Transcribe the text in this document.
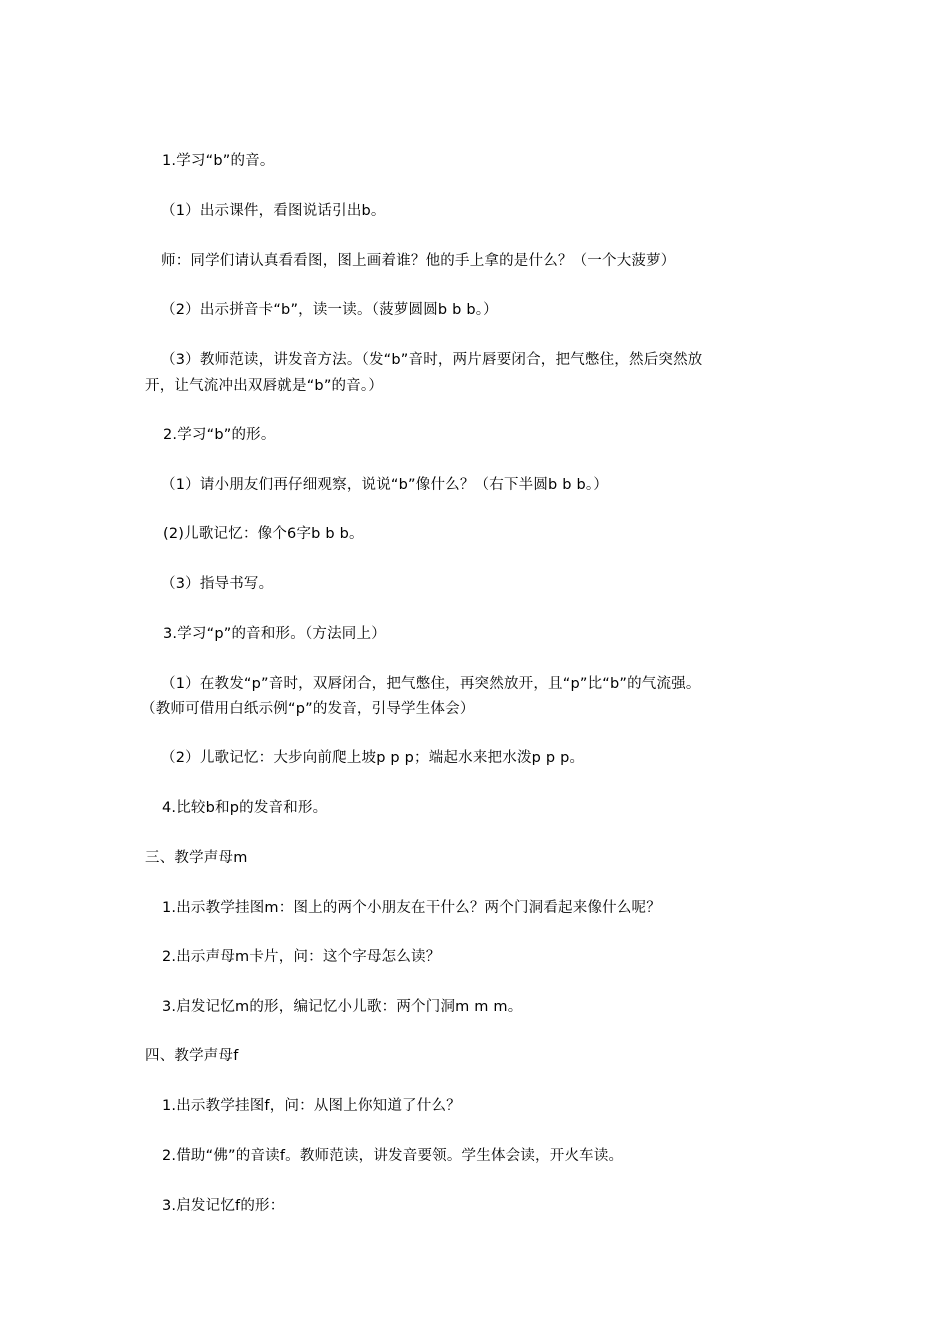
1.学习“b”的音。
（1）出示课件，看图说话引出b。
师：同学们请认真看看图，图上画着谁？他的手上拿的是什么？（一个大菠萝）
（2）出示拼音卡“b”，读一读。（菠萝圆圆b b b。）
（3）教师范读，讲发音方法。（发“b”音时，两片唇要闭合，把气憋住，然后突然放
开，让气流冲出双唇就是“b”的音。）
2.学习“b”的形。
（1）请小朋友们再仔细观察，说说“b”像什么？（右下半圆b b b。）
(2)儿歌记忆：像个6字b b b。
（3）指导书写。
3.学习“p”的音和形。（方法同上）
（1）在教发“p”音时，双唇闭合，把气憋住，再突然放开，且“p”比“b”的气流强。
（教师可借用白纸示例“p”的发音，引导学生体会）
（2）儿歌记忆：大步向前爬上坡p p p；端起水来把水泼p p p。
4.比较b和p的发音和形。
三、教学声母m
1.出示教学挂图m：图上的两个小朋友在干什么？两个门洞看起来像什么呢？
2.出示声母m卡片，问：这个字母怎么读？
3.启发记忆m的形，编记忆小儿歌：两个门洞m m m。
四、教学声母f
1.出示教学挂图f，问：从图上你知道了什么？
2.借助“佛”的音读f。教师范读，讲发音要领。学生体会读，开火车读。
3.启发记忆f的形：
